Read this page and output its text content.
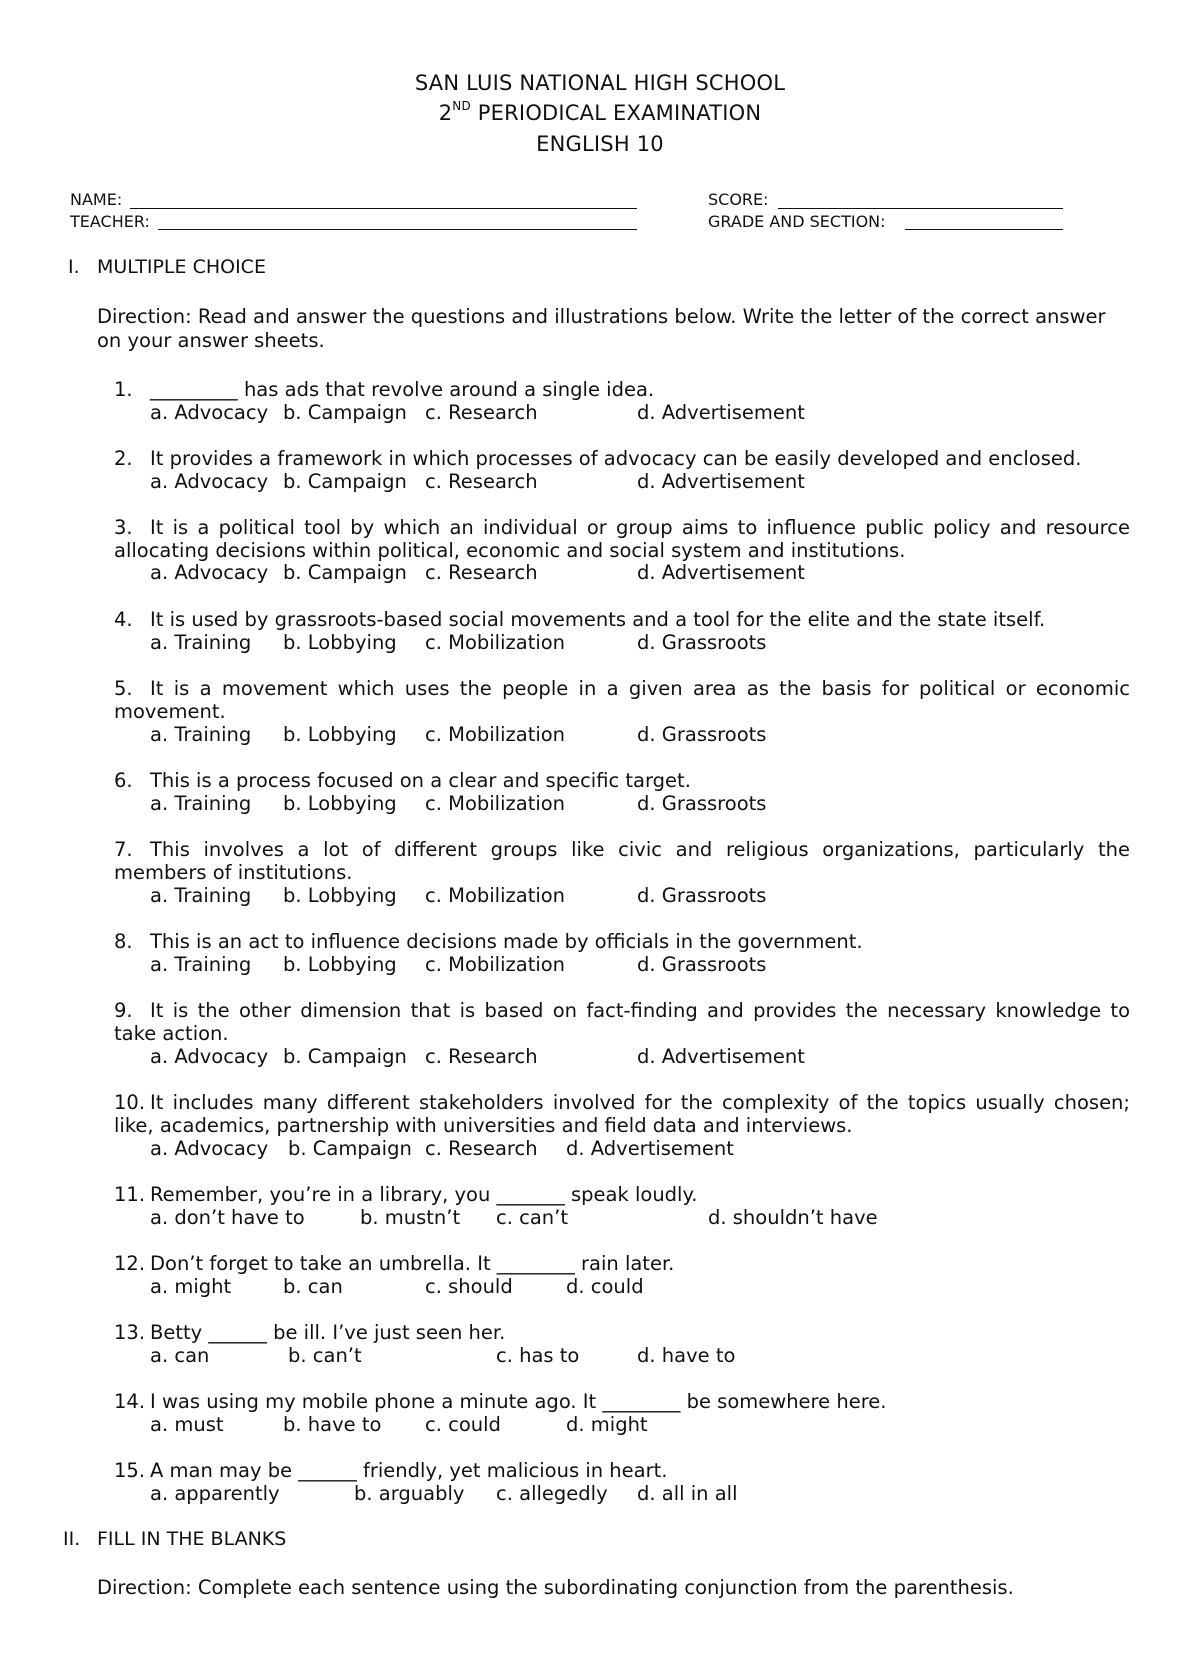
SAN LUIS NATIONAL HIGH SCHOOL
2ND PERIODICAL EXAMINATION
ENGLISH 10
NAME:
TEACHER:
SCORE:
GRADE AND SECTION:
I. MULTIPLE CHOICE
Direction: Read and answer the questions and illustrations below. Write the letter of the correct answer
on your answer sheets.
1. _________ has ads that revolve around a single idea.
a. Advocacy b. Campaign c. Research	d. Advertisement
2. It provides a framework in which processes of advocacy can be easily developed and enclosed.
a. Advocacy b. Campaign c. Research	d. Advertisement
3. It is a political tool by which an individual or group aims to influence public policy and resource allocating decisions within political, economic and social system and institutions.
a. Advocacy b. Campaign c. Research	d. Advertisement
4. It is used by grassroots-based social movements and a tool for the elite and the state itself.
a. Training b. Lobbying c. Mobilization	d. Grassroots
5. It is a movement which uses the people in a given area as the basis for political or economic movement.
a. Training b. Lobbying c. Mobilization	d. Grassroots
6. This is a process focused on a clear and specific target.
a. Training b. Lobbying c. Mobilization	d. Grassroots
7. This involves a lot of different groups like civic and religious organizations, particularly the members of institutions.
a. Training b. Lobbying c. Mobilization	d. Grassroots
8. This is an act to influence decisions made by officials in the government.
a. Training b. Lobbying c. Mobilization	d. Grassroots
9. It is the other dimension that is based on fact-finding and provides the necessary knowledge to take action.
a. Advocacy b. Campaign c. Research	d. Advertisement
10. It includes many different stakeholders involved for the complexity of the topics usually chosen; like, academics, partnership with universities and field data and interviews.
a. Advocacy b. Campaign c. Research d. Advertisement
11. Remember, you’re in a library, you _______ speak loudly.
a. don’t have to	b. mustn’t c. can’t	d. shouldn’t have
12. Don’t forget to take an umbrella. It ________ rain later.
a. might	b. can	c. should	d. could
13. Betty ______ be ill. I’ve just seen her.
a. can	b. can’t	c. has to	d. have to
14. I was using my mobile phone a minute ago. It ________ be somewhere here.
a. must	b. have to c. could	d. might
15. A man may be ______ friendly, yet malicious in heart.
a. apparently	b. arguably c. allegedly d. all in all
II. FILL IN THE BLANKS
Direction: Complete each sentence using the subordinating conjunction from the parenthesis.
